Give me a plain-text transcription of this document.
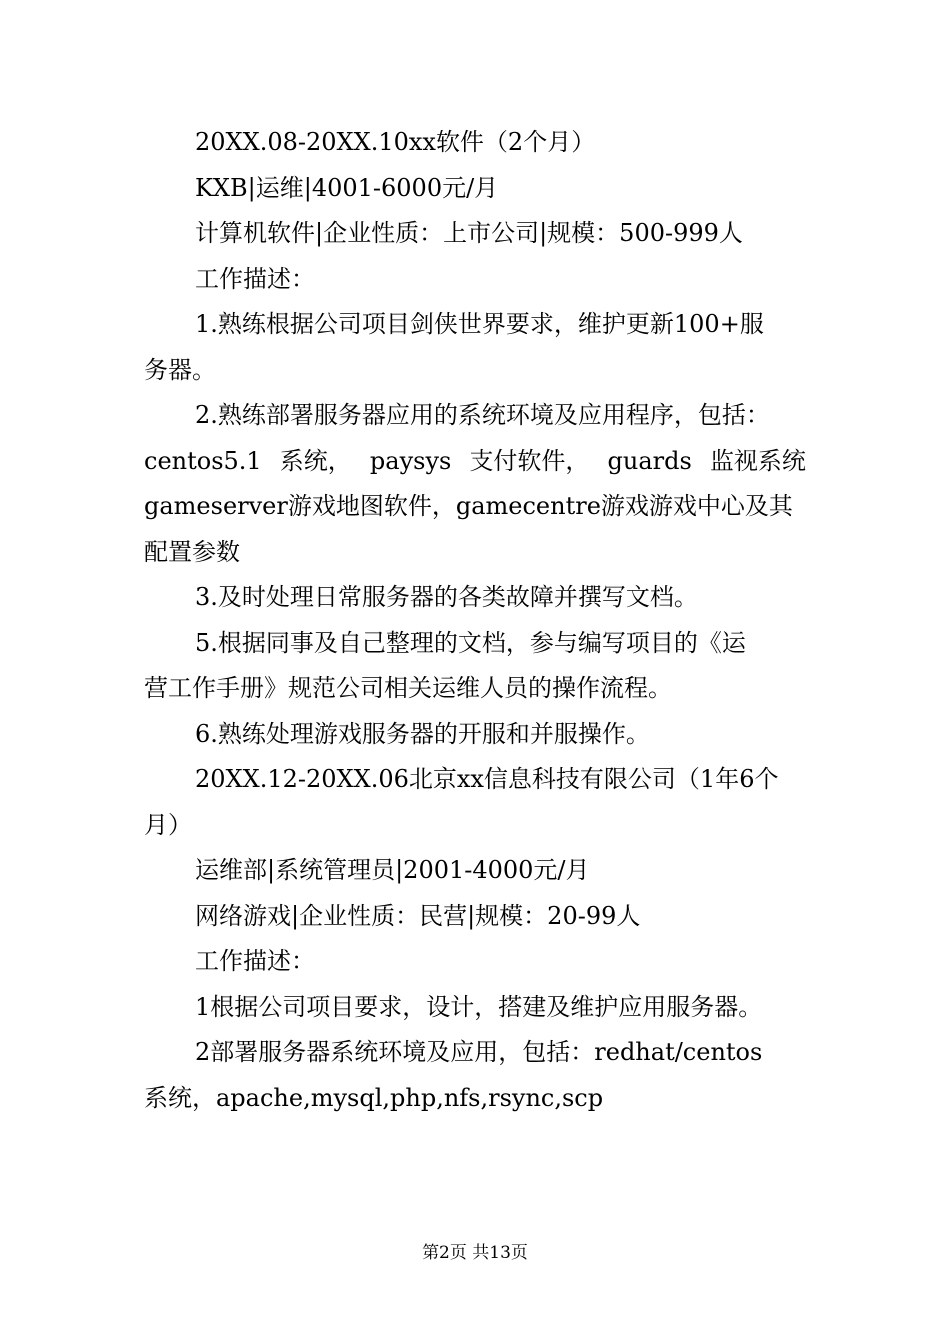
20XX.08-20XX.10xx软件（2个月）
KXB|运维|4001-6000元/月
计算机软件|企业性质：上市公司|规模：500-999人
工作描述：
1.熟练根据公司项目剑侠世界要求，维护更新100+服
务器。
2.熟练部署服务器应用的系统环境及应用程序，包括：
centos5.1 系统， paysys 支付软件， guards 监视系统
gameserver游戏地图软件，gamecentre游戏游戏中心及其
配置参数
3.及时处理日常服务器的各类故障并撰写文档。
5.根据同事及自己整理的文档，参与编写项目的《运
营工作手册》规范公司相关运维人员的操作流程。
6.熟练处理游戏服务器的开服和并服操作。
20XX.12-20XX.06北京xx信息科技有限公司（1年6个
月）
运维部|系统管理员|2001-4000元/月
网络游戏|企业性质：民营|规模：20-99人
工作描述：
1根据公司项目要求，设计，搭建及维护应用服务器。
2部署服务器系统环境及应用，包括：redhat/centos
系统，apache,mysql,php,nfs,rsync,scp
第2页 共13页
